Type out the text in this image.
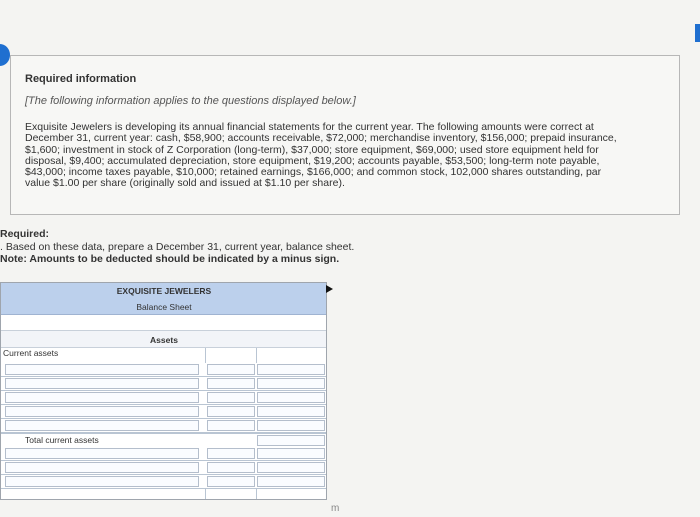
Required information
[The following information applies to the questions displayed below.]
Exquisite Jewelers is developing its annual financial statements for the current year. The following amounts were correct at December 31, current year: cash, $58,900; accounts receivable, $72,000; merchandise inventory, $156,000; prepaid insurance, $1,600; investment in stock of Z Corporation (long-term), $37,000; store equipment, $69,000; used store equipment held for disposal, $9,400; accumulated depreciation, store equipment, $19,200; accounts payable, $53,500; long-term note payable, $43,000; income taxes payable, $10,000; retained earnings, $166,000; and common stock, 102,000 shares outstanding, par value $1.00 per share (originally sold and issued at $1.10 per share).
Required:
. Based on these data, prepare a December 31, current year, balance sheet.
Note: Amounts to be deducted should be indicated by a minus sign.
EXQUISITE JEWELERS
Balance Sheet
Assets
Current assets
Total current assets
m
